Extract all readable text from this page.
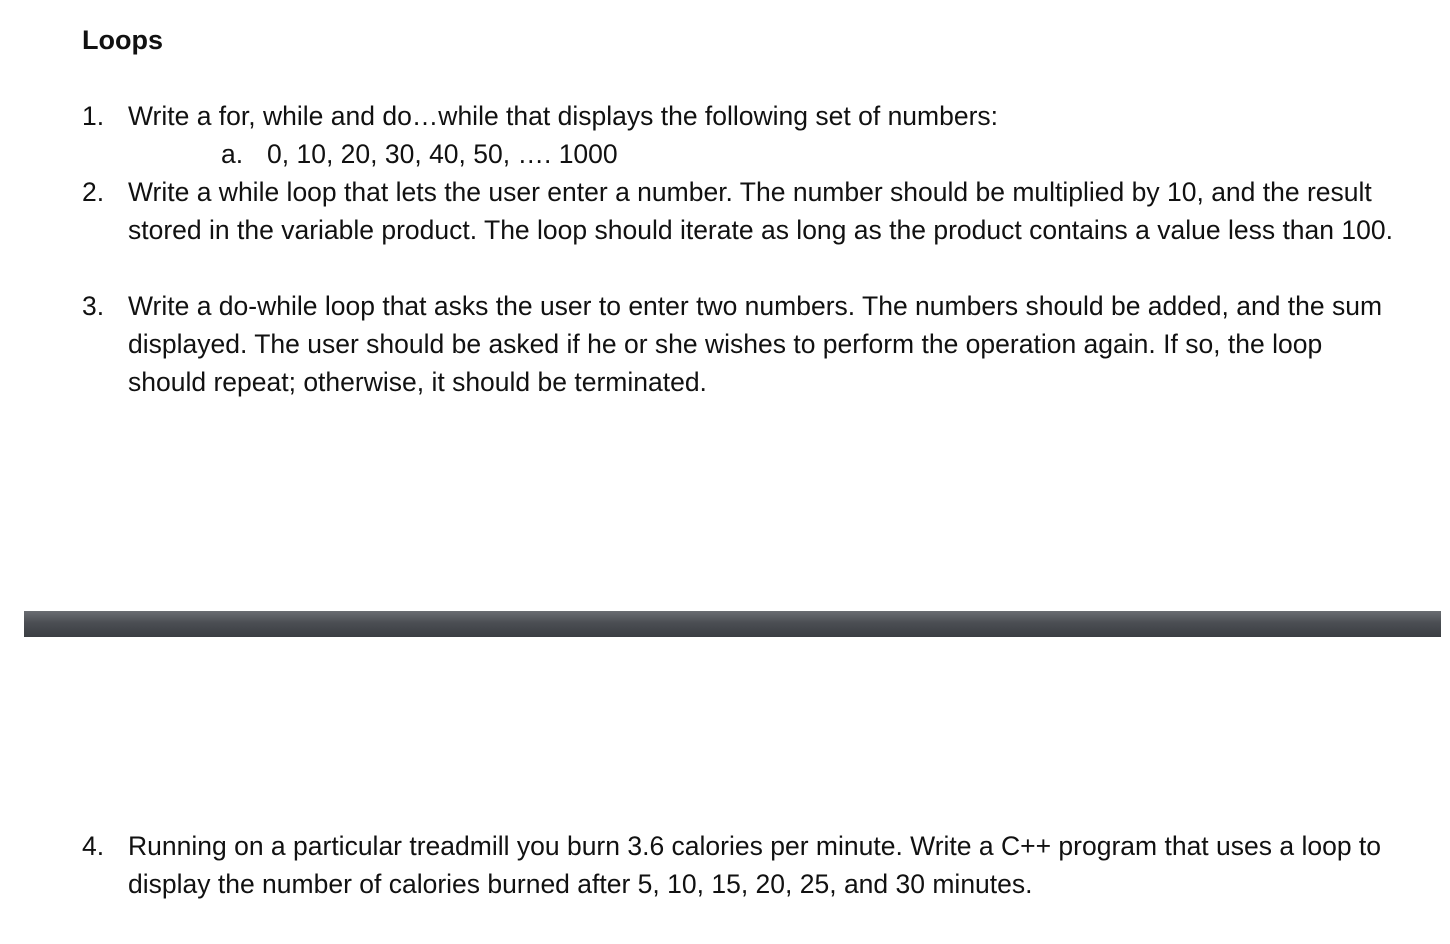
Loops
1. Write a for, while and do…while that displays the following set of numbers:
a. 0, 10, 20, 30, 40, 50, …. 1000
2. Write a while loop that lets the user enter a number. The number should be multiplied by 10, and the result stored in the variable product. The loop should iterate as long as the product contains a value less than 100.
3. Write a do-while loop that asks the user to enter two numbers. The numbers should be added, and the sum displayed. The user should be asked if he or she wishes to perform the operation again. If so, the loop should repeat; otherwise, it should be terminated.
4. Running on a particular treadmill you burn 3.6 calories per minute. Write a C++ program that uses a loop to display the number of calories burned after 5, 10, 15, 20, 25, and 30 minutes.
